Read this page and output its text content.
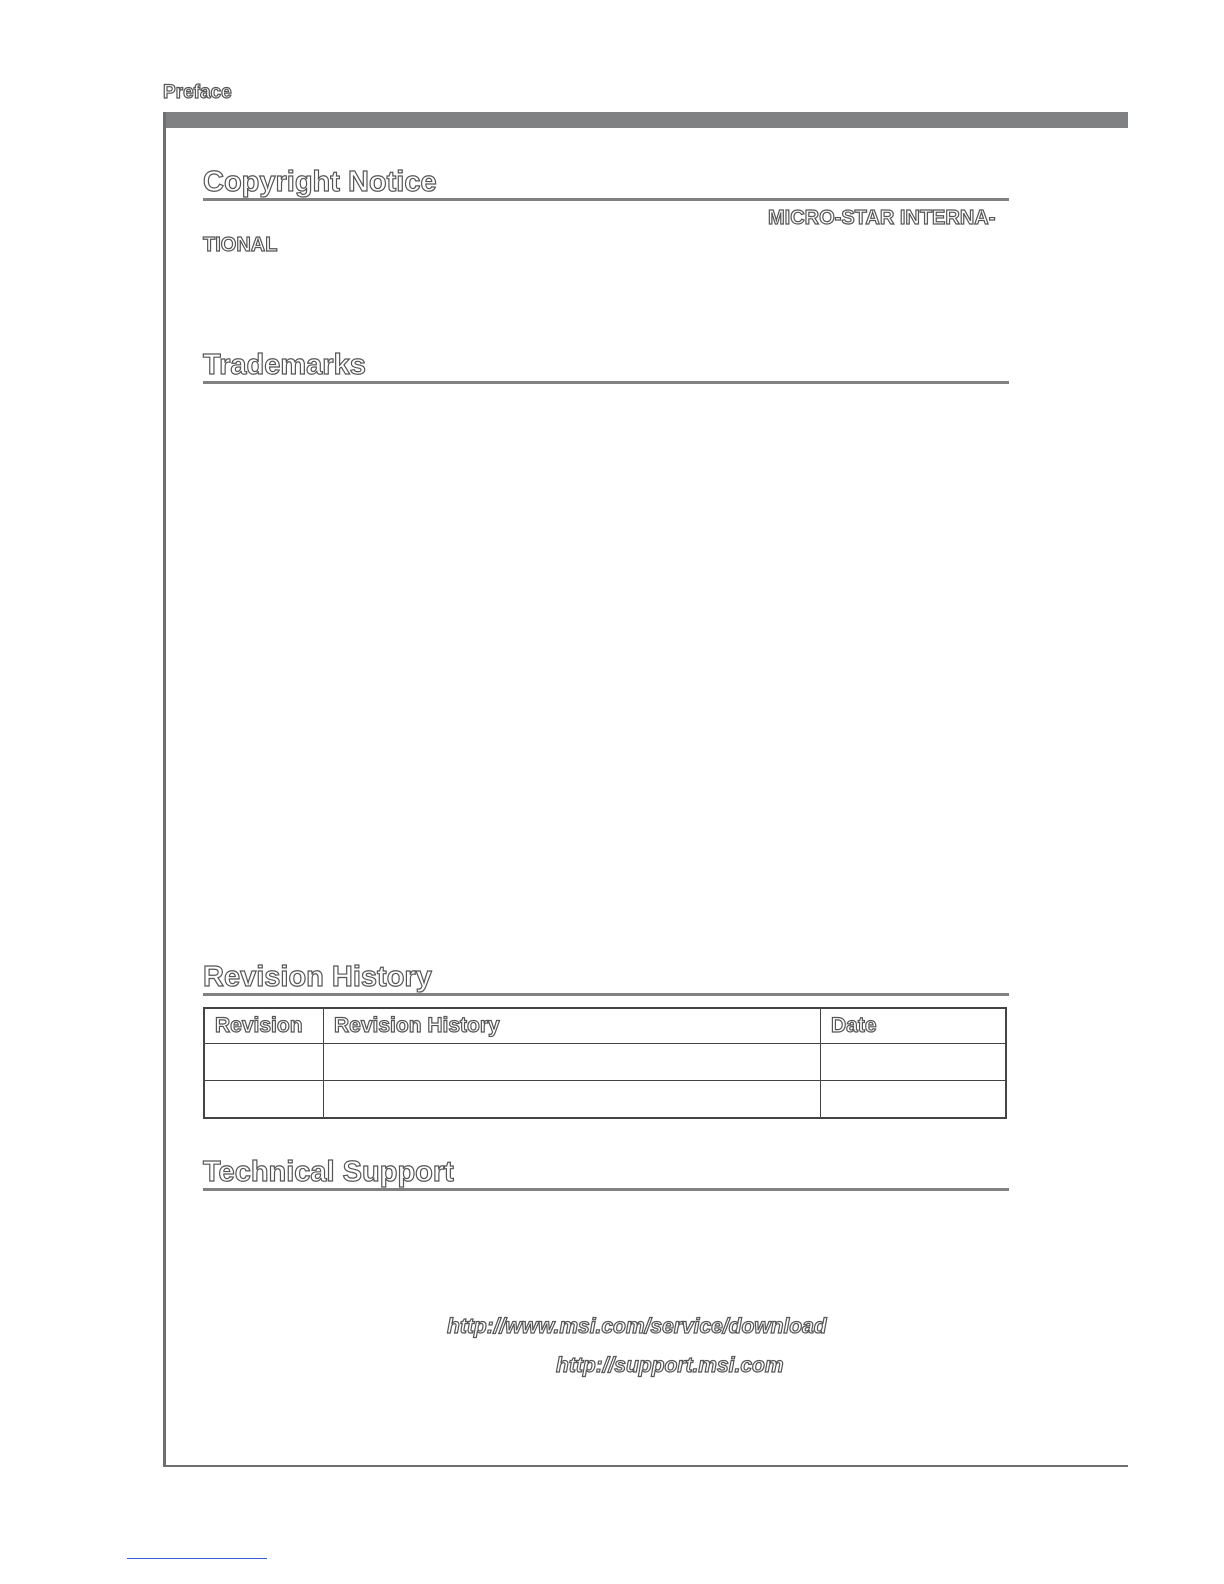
Preface
Copyright Notice
MICRO-STAR INTERNA-
TIONAL
Trademarks
Revision History
Revision	Revision History	Date

Technical Support
http://www.msi.com/service/download
http://support.msi.com
